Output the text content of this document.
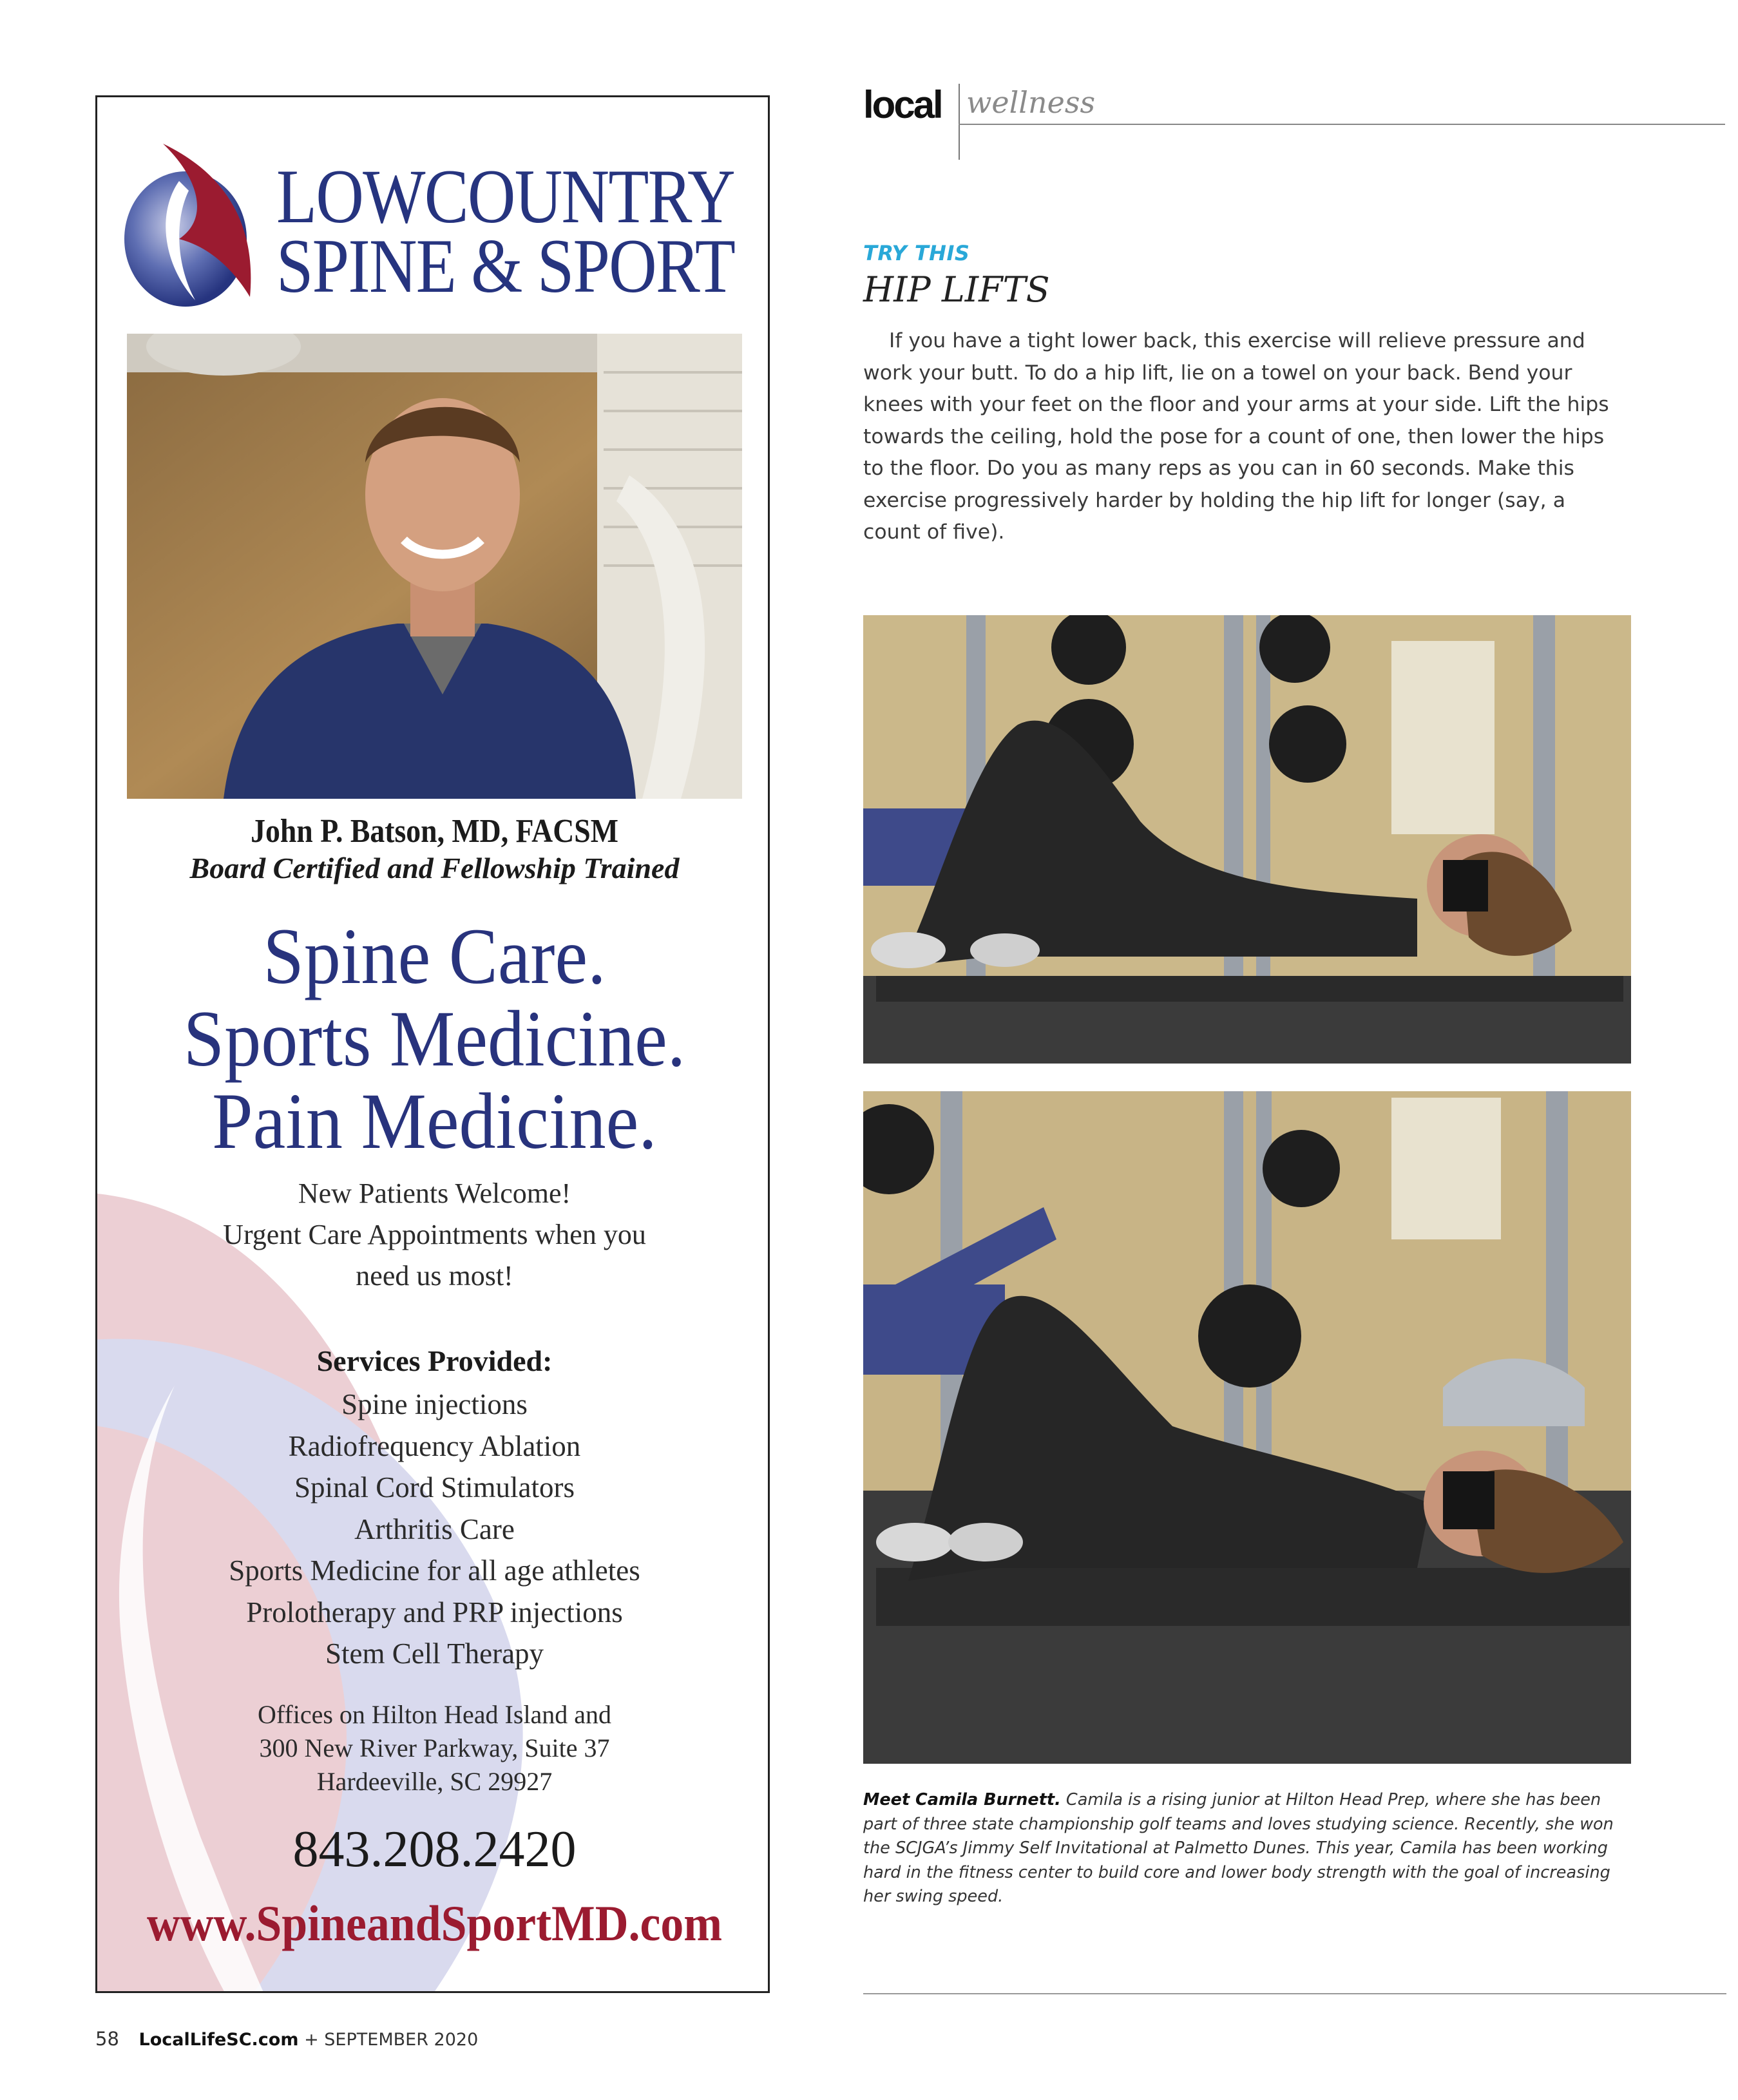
LOWCOUNTRY
SPINE & SPORT
John P. Batson, MD, FACSM
Board Certified and Fellowship Trained
Spine Care.
Sports Medicine.
Pain Medicine.
New Patients Welcome!
Urgent Care Appointments when you
need us most!
Services Provided:
Spine injections
Radiofrequency Ablation
Spinal Cord Stimulators
Arthritis Care
Sports Medicine for all age athletes
Prolotherapy and PRP injections
Stem Cell Therapy
Offices on Hilton Head Island and
300 New River Parkway, Suite 37
Hardeeville, SC 29927
843.208.2420
www.SpineandSportMD.com
local wellness
TRY THIS
HIP LIFTS

If you have a tight lower back, this exercise will relieve pressure and work your butt. To do a hip lift, lie on a towel on your back. Bend your knees with your feet on the floor and your arms at your side. Lift the hips towards the ceiling, hold the pose for a count of one, then lower the hips to the floor. Do you as many reps as you can in 60 seconds. Make this exercise progressively harder by holding the hip lift for longer (say, a count of five).

Meet Camila Burnett. Camila is a rising junior at Hilton Head Prep, where she has been part of three state championship golf teams and loves studying science. Recently, she won the SCJGA’s Jimmy Self Invitational at Palmetto Dunes. This year, Camila has been working hard in the fitness center to build core and lower body strength with the goal of increasing her swing speed.

58 LocalLifeSC.com + SEPTEMBER 2020
